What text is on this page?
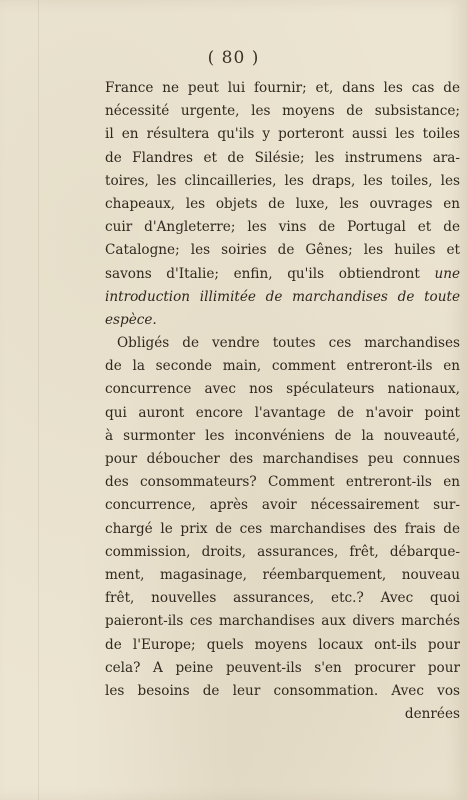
( 80 )
France ne peut lui fournir; et, dans les cas de
nécessité urgente, les moyens de subsistance;
il en résultera qu'ils y porteront aussi les toiles
de Flandres et de Silésie; les instrumens ara-
toires, les clincailleries, les draps, les toiles, les
chapeaux, les objets de luxe, les ouvrages en
cuir d'Angleterre; les vins de Portugal et de
Catalogne; les soiries de Gênes; les huiles et
savons d'Italie; enfin, qu'ils obtiendront une
introduction illimitée de marchandises de toute
espèce.
Obligés de vendre toutes ces marchandises
de la seconde main, comment entreront-ils en
concurrence avec nos spéculateurs nationaux,
qui auront encore l'avantage de n'avoir point
à surmonter les inconvéniens de la nouveauté,
pour déboucher des marchandises peu connues
des consommateurs? Comment entreront-ils en
concurrence, après avoir nécessairement sur-
chargé le prix de ces marchandises des frais de
commission, droits, assurances, frêt, débarque-
ment, magasinage, réembarquement, nouveau
frêt, nouvelles assurances, etc.? Avec quoi
paieront-ils ces marchandises aux divers marchés
de l'Europe; quels moyens locaux ont-ils pour
cela? A peine peuvent-ils s'en procurer pour
les besoins de leur consommation. Avec vos
denrées
